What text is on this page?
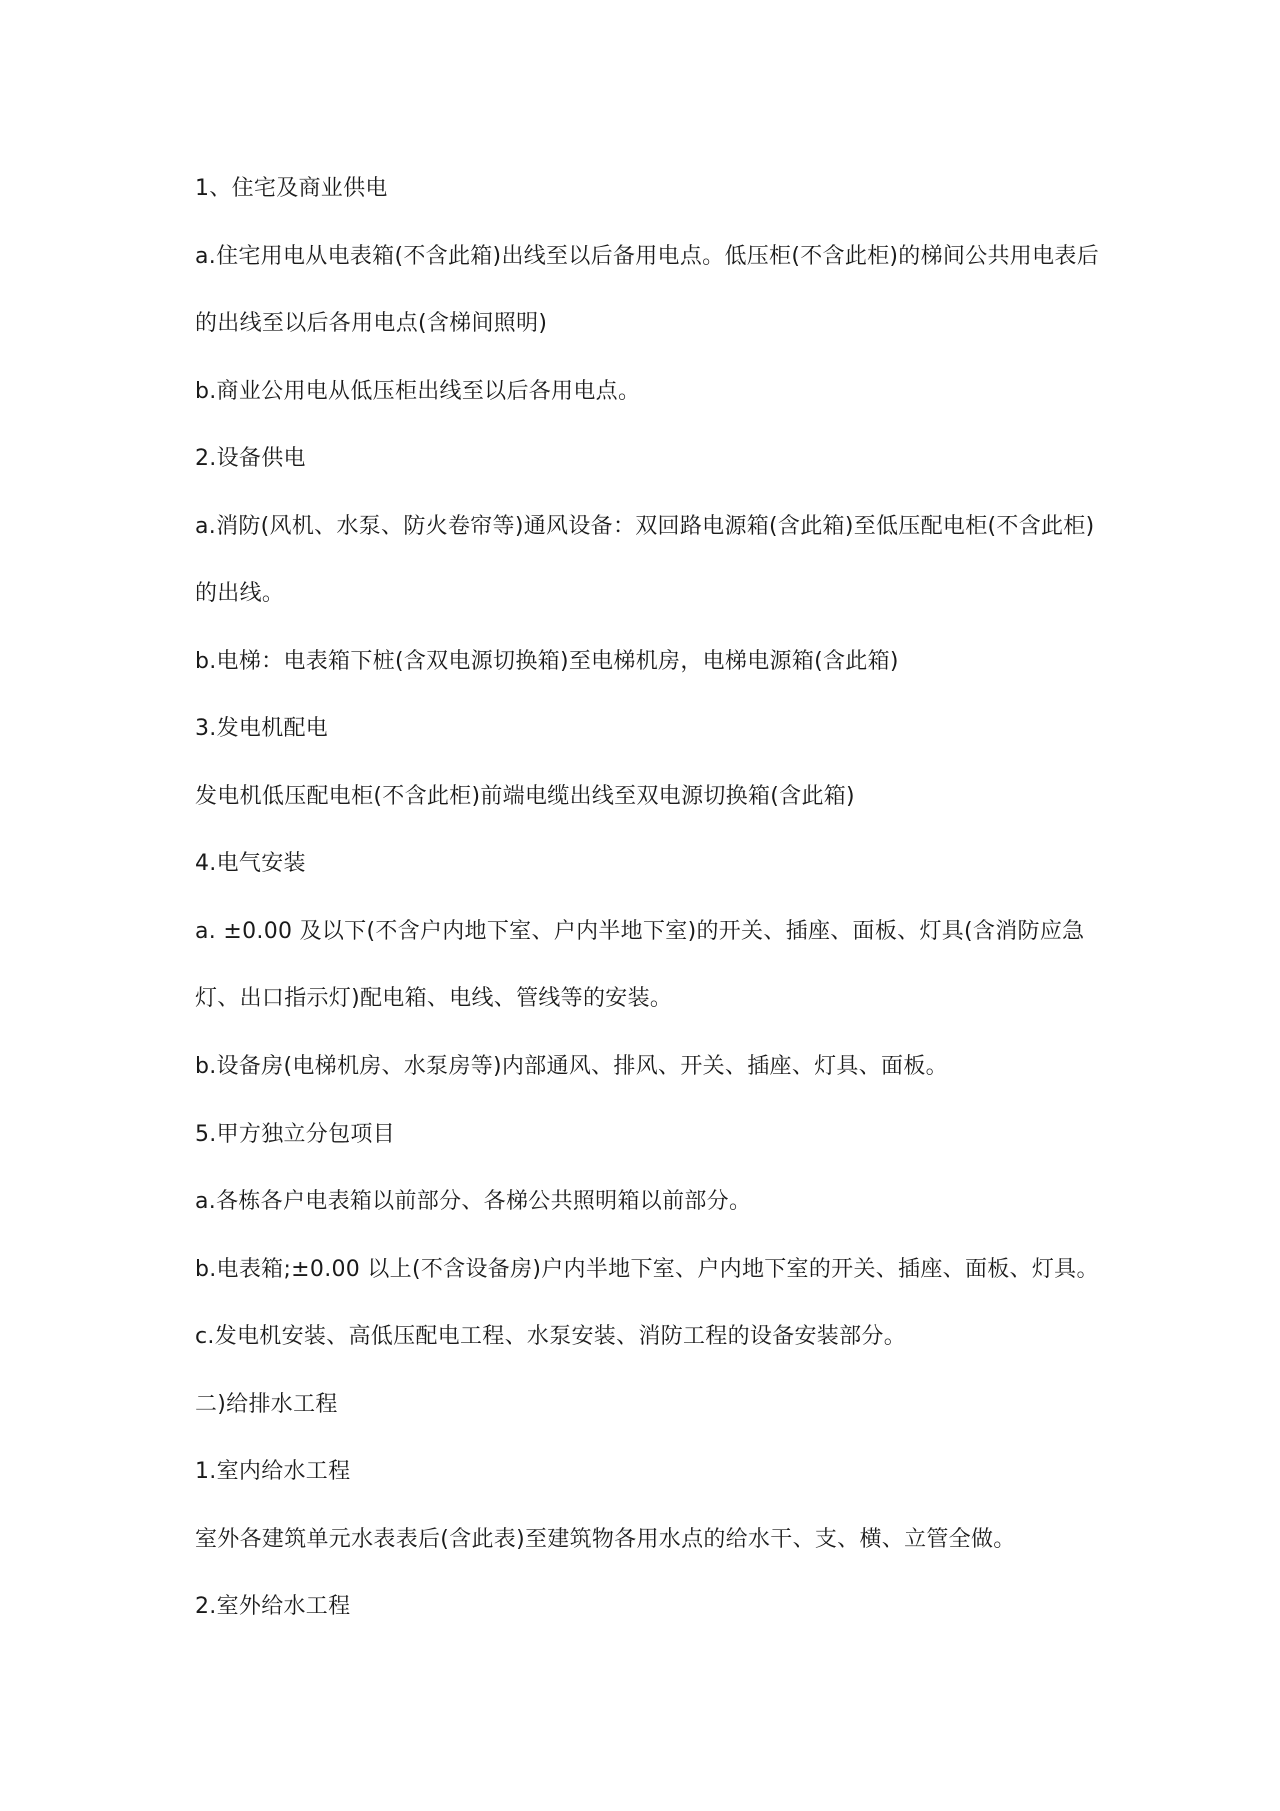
1、住宅及商业供电
a.住宅用电从电表箱(不含此箱)出线至以后备用电点。低压柜(不含此柜)的梯间公共用电表后
的出线至以后各用电点(含梯间照明)
b.商业公用电从低压柜出线至以后各用电点。
2.设备供电
a.消防(风机、水泵、防火卷帘等)通风设备：双回路电源箱(含此箱)至低压配电柜(不含此柜)
的出线。
b.电梯：电表箱下桩(含双电源切换箱)至电梯机房，电梯电源箱(含此箱)
3.发电机配电
发电机低压配电柜(不含此柜)前端电缆出线至双电源切换箱(含此箱)
4.电气安装
a. ±0.00 及以下(不含户内地下室、户内半地下室)的开关、插座、面板、灯具(含消防应急
灯、出口指示灯)配电箱、电线、管线等的安装。
b.设备房(电梯机房、水泵房等)内部通风、排风、开关、插座、灯具、面板。
5.甲方独立分包项目
a.各栋各户电表箱以前部分、各梯公共照明箱以前部分。
b.电表箱;±0.00 以上(不含设备房)户内半地下室、户内地下室的开关、插座、面板、灯具。
c.发电机安装、高低压配电工程、水泵安装、消防工程的设备安装部分。
二)给排水工程
1.室内给水工程
室外各建筑单元水表表后(含此表)至建筑物各用水点的给水干、支、横、立管全做。
2.室外给水工程
